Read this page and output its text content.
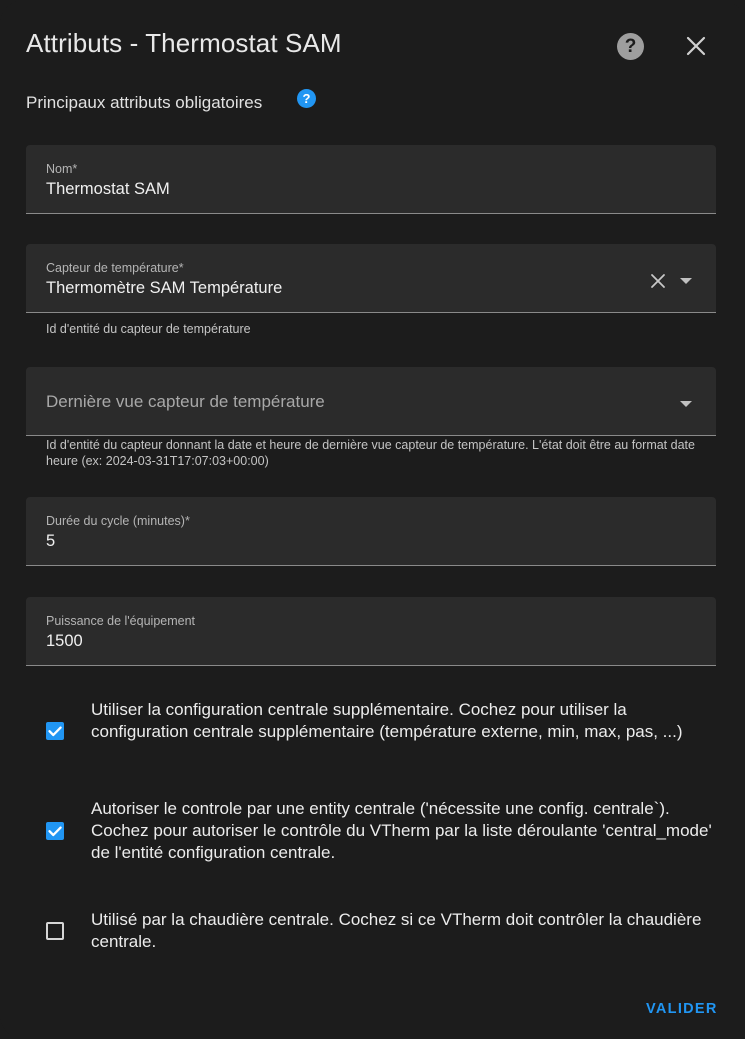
Attributs - Thermostat SAM	?
Principaux attributs obligatoires	?
Nom*
Thermostat SAM
Capteur de température*
Thermomètre SAM Température
Id d'entité du capteur de température
Dernière vue capteur de température
Id d'entité du capteur donnant la date et heure de dernière vue capteur de température. L'état doit être au format date heure (ex: 2024-03-31T17:07:03+00:00)
Durée du cycle (minutes)*
5
Puissance de l'équipement
1500
Utiliser la configuration centrale supplémentaire. Cochez pour utiliser la configuration centrale supplémentaire (température externe, min, max, pas, ...)
Autoriser le controle par une entity centrale ('nécessite une config. centrale`). Cochez pour autoriser le contrôle du VTherm par la liste déroulante 'central_mode' de l'entité configuration centrale.
Utilisé par la chaudière centrale. Cochez si ce VTherm doit contrôler la chaudière centrale.
VALIDER
